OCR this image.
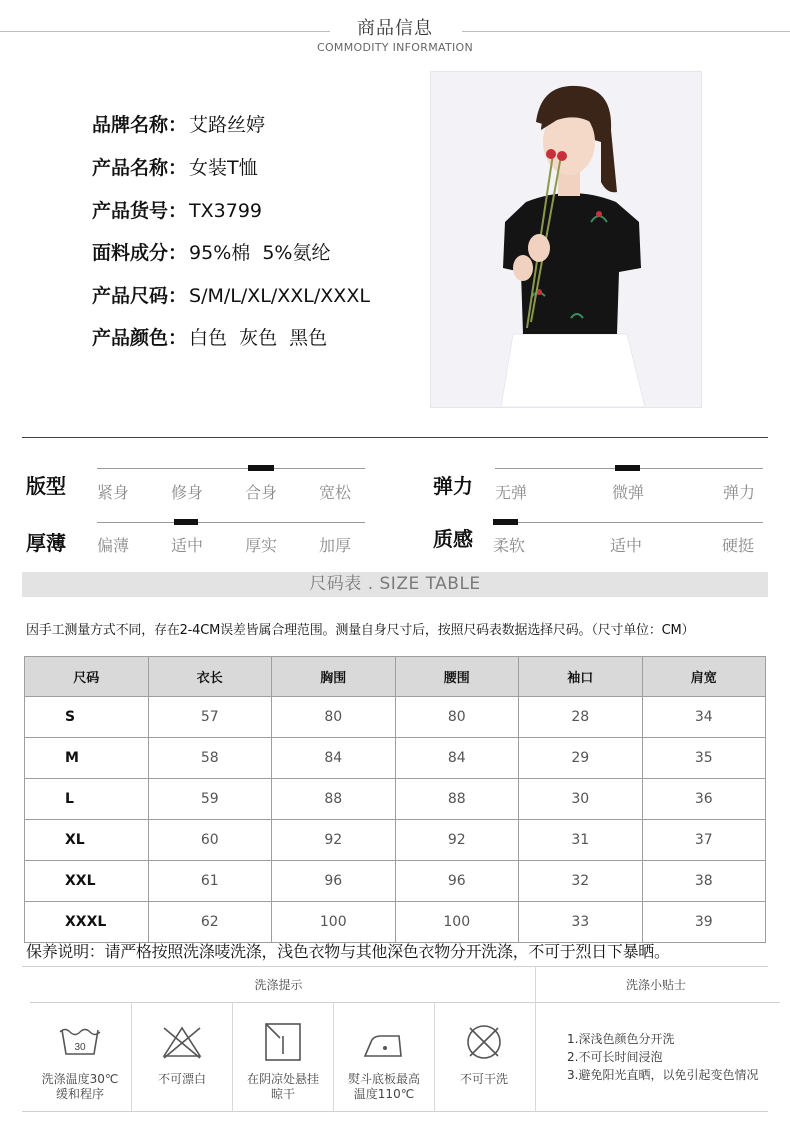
商品信息
COMMODITY INFORMATION
品牌名称： 艾路丝婷
产品名称： 女装T恤
产品货号： TX3799
面料成分： 95%棉  5%氨纶
产品尺码： S/M/L/XL/XXL/XXXL
产品颜色： 白色  灰色  黑色
版型 紧身	修身	合身	宽松	弹力 无弹	微弹	弹力
厚薄 偏薄	适中	厚实	加厚	质感 柔软	适中	硬挺
尺码表 . SIZE TABLE
因手工测量方式不同，存在2-4CM误差皆属合理范围。测量自身尺寸后，按照尺码表数据选择尺码。（尺寸单位：CM）
尺码	衣长	胸围	腰围	袖口	肩宽
S	57	80	80	28	34
M	58	84	84	29	35
L	59	88	88	30	36
XL	60	92	92	31	37
XXL	61	96	96	32	38
XXXL	62	100	100	33	39
保养说明：请严格按照洗涤唛洗涤，浅色衣物与其他深色衣物分开洗涤，不可于烈日下暴晒。
洗涤提示	洗涤小贴士
30
洗涤温度30℃
缓和程序
不可漂白	在阴凉处悬挂
晾干
熨斗底板最高
温度110℃
不可干洗
1.深浅色颜色分开洗
2.不可长时间浸泡
3.避免阳光直晒，以免引起变色情况
